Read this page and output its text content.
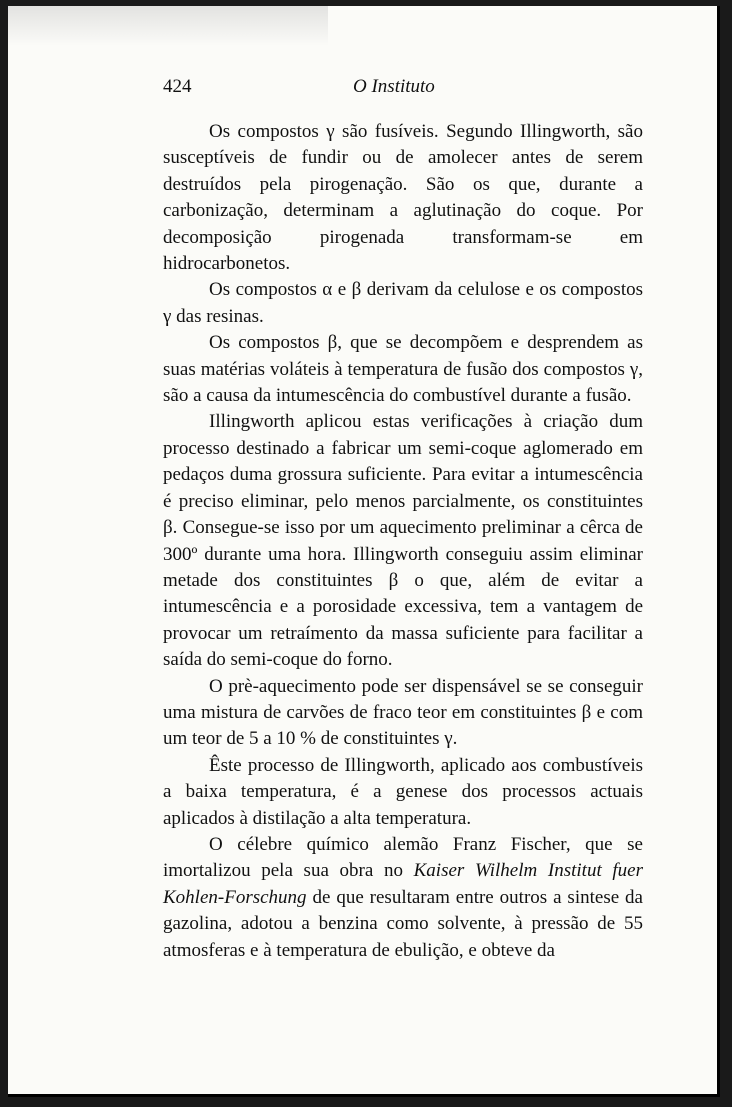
424	O Instituto

Os compostos γ são fusíveis. Segundo Illingworth, são susceptíveis de fundir ou de amolecer antes de serem destruídos pela pirogenação. São os que, durante a carbonização, determinam a aglutinação do coque. Por decomposição pirogenada transformam-se em hidrocarbonetos.

Os compostos α e β derivam da celulose e os compostos γ das resinas.

Os compostos β, que se decompõem e desprendem as suas matérias voláteis à temperatura de fusão dos compostos γ, são a causa da intumescência do combustível durante a fusão.

Illingworth aplicou estas verificações à criação dum processo destinado a fabricar um semi-coque aglomerado em pedaços duma grossura suficiente. Para evitar a intumescência é preciso eliminar, pelo menos parcialmente, os constituintes β. Consegue-se isso por um aquecimento preliminar a cêrca de 300º durante uma hora. Illingworth conseguiu assim eliminar metade dos constituintes β o que, além de evitar a intumescência e a porosidade excessiva, tem a vantagem de provocar um retraímento da massa suficiente para facilitar a saída do semi-coque do forno.

O prè-aquecimento pode ser dispensável se se conseguir uma mistura de carvões de fraco teor em constituintes β e com um teor de 5 a 10 % de constituintes γ.

Êste processo de Illingworth, aplicado aos combustíveis a baixa temperatura, é a genese dos processos actuais aplicados à distilação a alta temperatura.

O célebre químico alemão Franz Fischer, que se imortalizou pela sua obra no Kaiser Wilhelm Institut fuer Kohlen-Forschung de que resultaram entre outros a sintese da gazolina, adotou a benzina como solvente, à pressão de 55 atmosferas e à temperatura de ebulição, e obteve da
